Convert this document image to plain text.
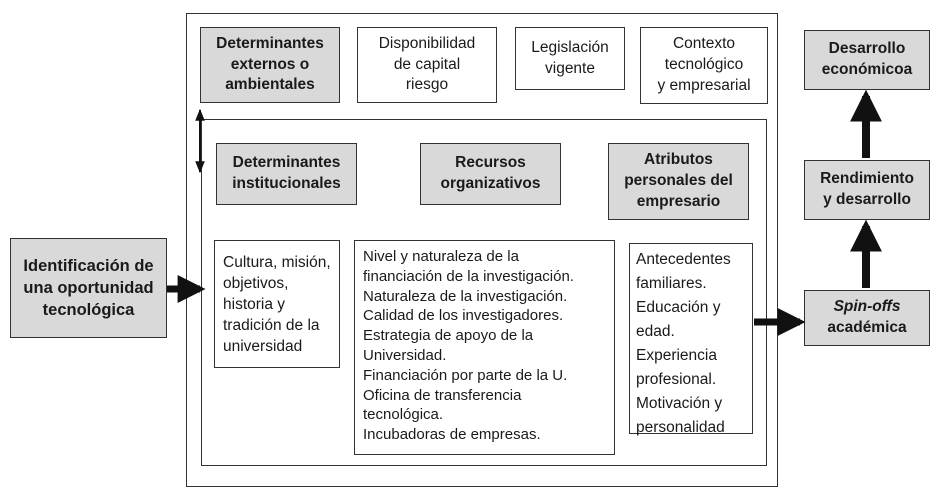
Identificación de
una oportunidad
tecnológica
Determinantes
externos o
ambientales
Disponibilidad
de capital
riesgo
Legislación
vigente
Contexto
tecnológico
y empresarial
Determinantes
institucionales
Recursos
organizativos
Atributos
personales del
empresario
Cultura, misión,
objetivos,
historia y
tradición de la
universidad
Nivel y naturaleza de la
financiación de la investigación.
Naturaleza de la investigación.
Calidad de los investigadores.
Estrategia de apoyo de la
Universidad.
Financiación por parte de la U.
Oficina de transferencia
tecnológica.
Incubadoras de empresas.
Antecedentes
familiares.
Educación y
edad.
Experiencia
profesional.
Motivación y
personalidad
Desarrollo
económicoa
Rendimiento
y desarrollo
Spin-offs
académica
